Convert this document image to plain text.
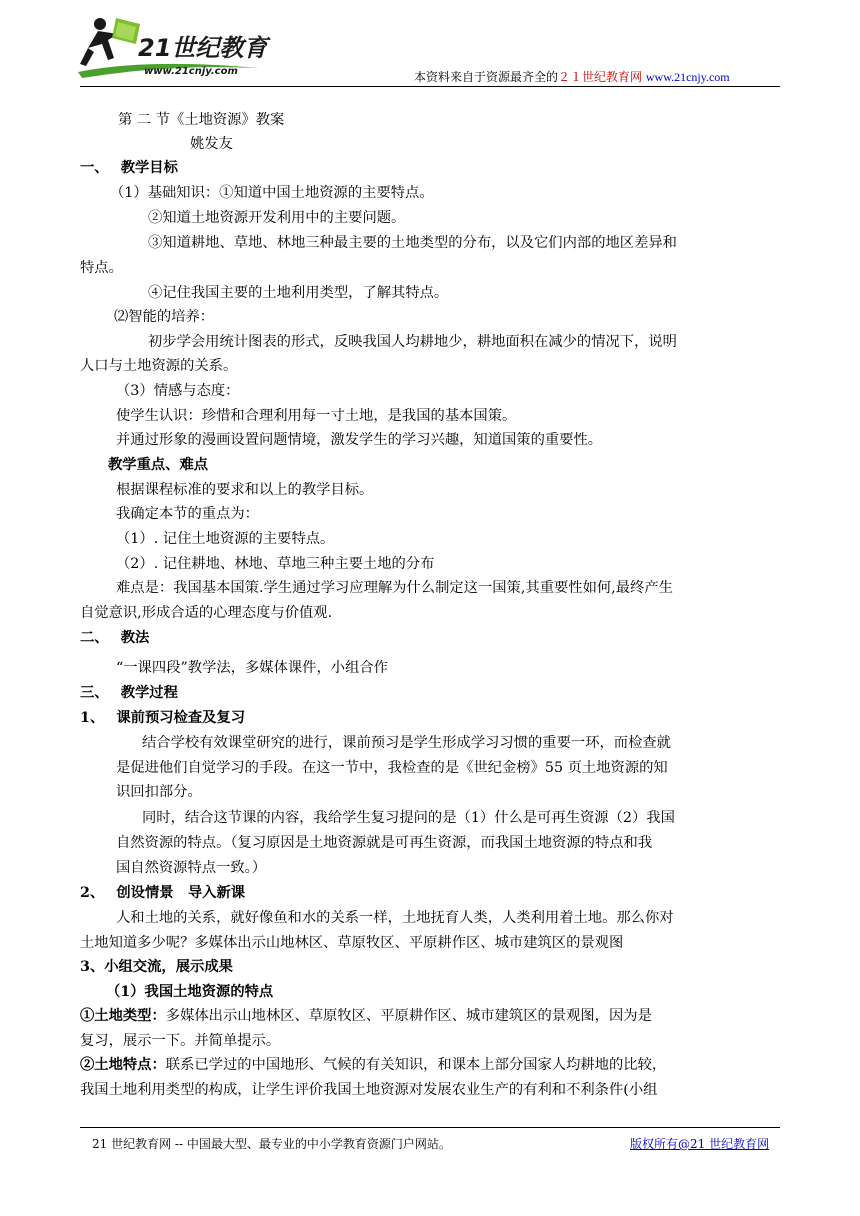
21世纪教育
www.21cnjy.com	本资料来自于资源最齐全的２１世纪教育网 www.21cnjy.com
第 二 节《土地资源》教案
姚发友
一、　 教学目标
（1）基础知识：①知道中国土地资源的主要特点。
②知道土地资源开发利用中的主要问题。
③知道耕地、草地、林地三种最主要的土地类型的分布，以及它们内部的地区差异和
特点。
④记住我国主要的土地利用类型，了解其特点。
⑵智能的培养：
初步学会用统计图表的形式，反映我国人均耕地少，耕地面积在减少的情况下，说明
人口与土地资源的关系。
（3）情感与态度：
使学生认识：珍惜和合理利用每一寸土地，是我国的基本国策。
并通过形象的漫画设置问题情境，激发学生的学习兴趣，知道国策的重要性。
教学重点、难点
根据课程标准的要求和以上的教学目标。
我确定本节的重点为：
（1）. 记住土地资源的主要特点。
（2）. 记住耕地、林地、草地三种主要土地的分布
难点是：我国基本国策.学生通过学习应理解为什么制定这一国策,其重要性如何,最终产生
自觉意识,形成合适的心理态度与价值观.
二、　 教法
“一课四段”教学法，多媒体课件，小组合作
三、　 教学过程
1、　 课前预习检查及复习
结合学校有效课堂研究的进行，课前预习是学生形成学习习惯的重要一环，而检查就
是促进他们自觉学习的手段。在这一节中，我检查的是《世纪金榜》55 页土地资源的知
识回扣部分。
同时，结合这节课的内容，我给学生复习提问的是（1）什么是可再生资源（2）我国
自然资源的特点。（复习原因是土地资源就是可再生资源，而我国土地资源的特点和我
国自然资源特点一致。）
2、　 创设情景　导入新课
人和土地的关系，就好像鱼和水的关系一样，土地抚育人类，人类利用着土地。那么你对
土地知道多少呢？多媒体出示山地林区、草原牧区、平原耕作区、城市建筑区的景观图
3、小组交流，展示成果
（1）我国土地资源的特点
①土地类型：多媒体出示山地林区、草原牧区、平原耕作区、城市建筑区的景观图，因为是
复习，展示一下。并简单提示。
②土地特点：联系已学过的中国地形、气候的有关知识，和课本上部分国家人均耕地的比较，
我国土地利用类型的构成，让学生评价我国土地资源对发展农业生产的有利和不利条件(小组
21 世纪教育网 -- 中国最大型、最专业的中小学教育资源门户网站。	版权所有@21 世纪教育网
